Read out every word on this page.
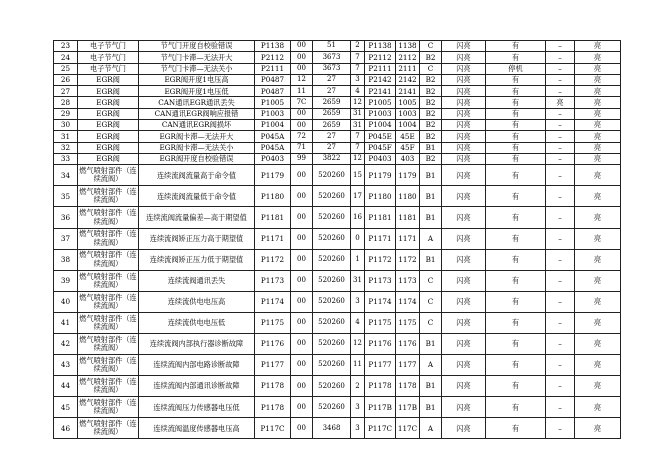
23	电子节气门	节气门开度自校验错误	P1138	00	51	2	P1138	1138	C	闪亮	有	–	亮
24	电子节气门	节气门卡滞—无法开大	P2112	00	3673	7	P2112	2112	B2	闪亮	有	–	亮
25	电子节气门	节气门卡滞—无法关小	P2111	00	3673	7	P2111	2111	C	闪亮	停机	–	亮
26	EGR阀	EGR阀开度1电压高	P0487	12	27	3	P2142	2142	B2	闪亮	有	–	亮
27	EGR阀	EGR阀开度1电压低	P0487	11	27	4	P2141	2141	B2	闪亮	有	–	亮
28	EGR阀	CAN通讯EGR通讯丢失	P1005	7C	2659	12	P1005	1005	B2	闪亮	有	亮	亮
29	EGR阀	CAN通讯EGR阀响应报错	P1003	00	2659	31	P1003	1003	B2	闪亮	有	–	亮
30	EGR阀	CAN通讯EGR阀损坏	P1004	00	2659	31	P1004	1004	B2	闪亮	有	–	亮
31	EGR阀	EGR阀卡滞—无法开大	P045A	72	27	7	P045E	45E	B2	闪亮	有	–	亮
32	EGR阀	EGR阀卡滞—无法关小	P045A	71	27	7	P045F	45F	B1	闪亮	有	–	亮
33	EGR阀	EGR阀开度自校验错误	P0403	99	3822	12	P0403	403	B2	闪亮	有	–	亮
34	燃气喷射部件（连续流阀）	连续流阀流量高于命令值	P1179	00	520260	15	P1179	1179	B1	闪亮	有	–	亮
35	燃气喷射部件（连续流阀）	连续流阀流量低于命令值	P1180	00	520260	17	P1180	1180	B1	闪亮	有	–	亮
36	燃气喷射部件（连续流阀）	连续流阀流量偏差—高于期望值	P1181	00	520260	16	P1181	1181	B1	闪亮	有	–	亮
37	燃气喷射部件（连续流阀）	连续流阀矫正压力高于期望值	P1171	00	520260	0	P1171	1171	A	闪亮	有	–	亮
38	燃气喷射部件（连续流阀）	连续流阀矫正压力低于期望值	P1172	00	520260	1	P1172	1172	B1	闪亮	有	–	亮
39	燃气喷射部件（连续流阀）	连续流阀通讯丢失	P1173	00	520260	31	P1173	1173	C	闪亮	有	–	亮
40	燃气喷射部件（连续流阀）	连续流供电电压高	P1174	00	520260	3	P1174	1174	C	闪亮	有	–	亮
41	燃气喷射部件（连续流阀）	连续流供电电压低	P1175	00	520260	4	P1175	1175	C	闪亮	有	–	亮
42	燃气喷射部件（连续流阀）	连续流阀内部执行器诊断故障	P1176	00	520260	12	P1176	1176	B1	闪亮	有	–	亮
43	燃气喷射部件（连续流阀）	连续流阀内部电路诊断故障	P1177	00	520260	11	P1177	1177	A	闪亮	有	–	亮
44	燃气喷射部件（连续流阀）	连续流阀内部通讯诊断故障	P1178	00	520260	2	P1178	1178	B1	闪亮	有	–	亮
45	燃气喷射部件（连续流阀）	连续流阀压力传感器电压低	P1178	00	520260	3	P117B	117B	B1	闪亮	有	–	亮
46	燃气喷射部件（连续流阀）	连续流阀温度传感器电压高	P117C	00	3468	3	P117C	117C	A	闪亮	有	–	亮
